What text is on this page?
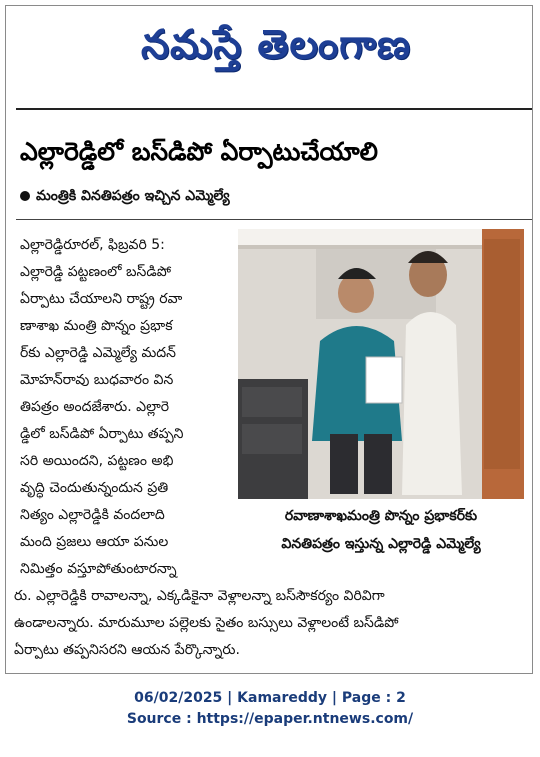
నమస్తే తెలంగాణ
ఎల్లారెడ్డిలో బస్‌డిపో ఏర్పాటుచేయాలి
మంత్రికి వినతిపత్రం ఇచ్చిన ఎమ్మెల్యే
ఎల్లారెడ్డిరూరల్, ఫిబ్రవరి 5:
ఎల్లారెడ్డి పట్టణంలో బస్‌డిపో
ఏర్పాటు చేయాలని రాష్ట్ర రవా
ణాశాఖ మంత్రి పొన్నం ప్రభాక
ర్‌కు ఎల్లారెడ్డి ఎమ్మెల్యే మదన్
మోహన్‌రావు బుధవారం విన
తిపత్రం అందజేశారు. ఎల్లారె
డ్డిలో బస్‌డిపో ఏర్పాటు తప్పని
సరి అయిందని, పట్టణం అభి
వృద్ధి చెందుతున్నందున ప్రతి
నిత్యం ఎల్లారెడ్డికి వందలాది
మంది ప్రజలు ఆయా పనుల
నిమిత్తం వస్తూపోతుంటారన్నా
రవాణాశాఖమంత్రి పొన్నం ప్రభాకర్‌కు
వినతిపత్రం ఇస్తున్న ఎల్లారెడ్డి ఎమ్మెల్యే
రు. ఎల్లారెడ్డికి రావాలన్నా, ఎక్కడికైనా వెళ్లాలన్నా బస్‌సౌకర్యం విరివిగా
ఉండాలన్నారు. మారుమూల పల్లెలకు సైతం బస్సులు వెళ్లాలంటే బస్‌డిపో
ఏర్పాటు తప్పనిసరని ఆయన పేర్కొన్నారు.
06/02/2025 | Kamareddy | Page : 2
Source : https://epaper.ntnews.com/
